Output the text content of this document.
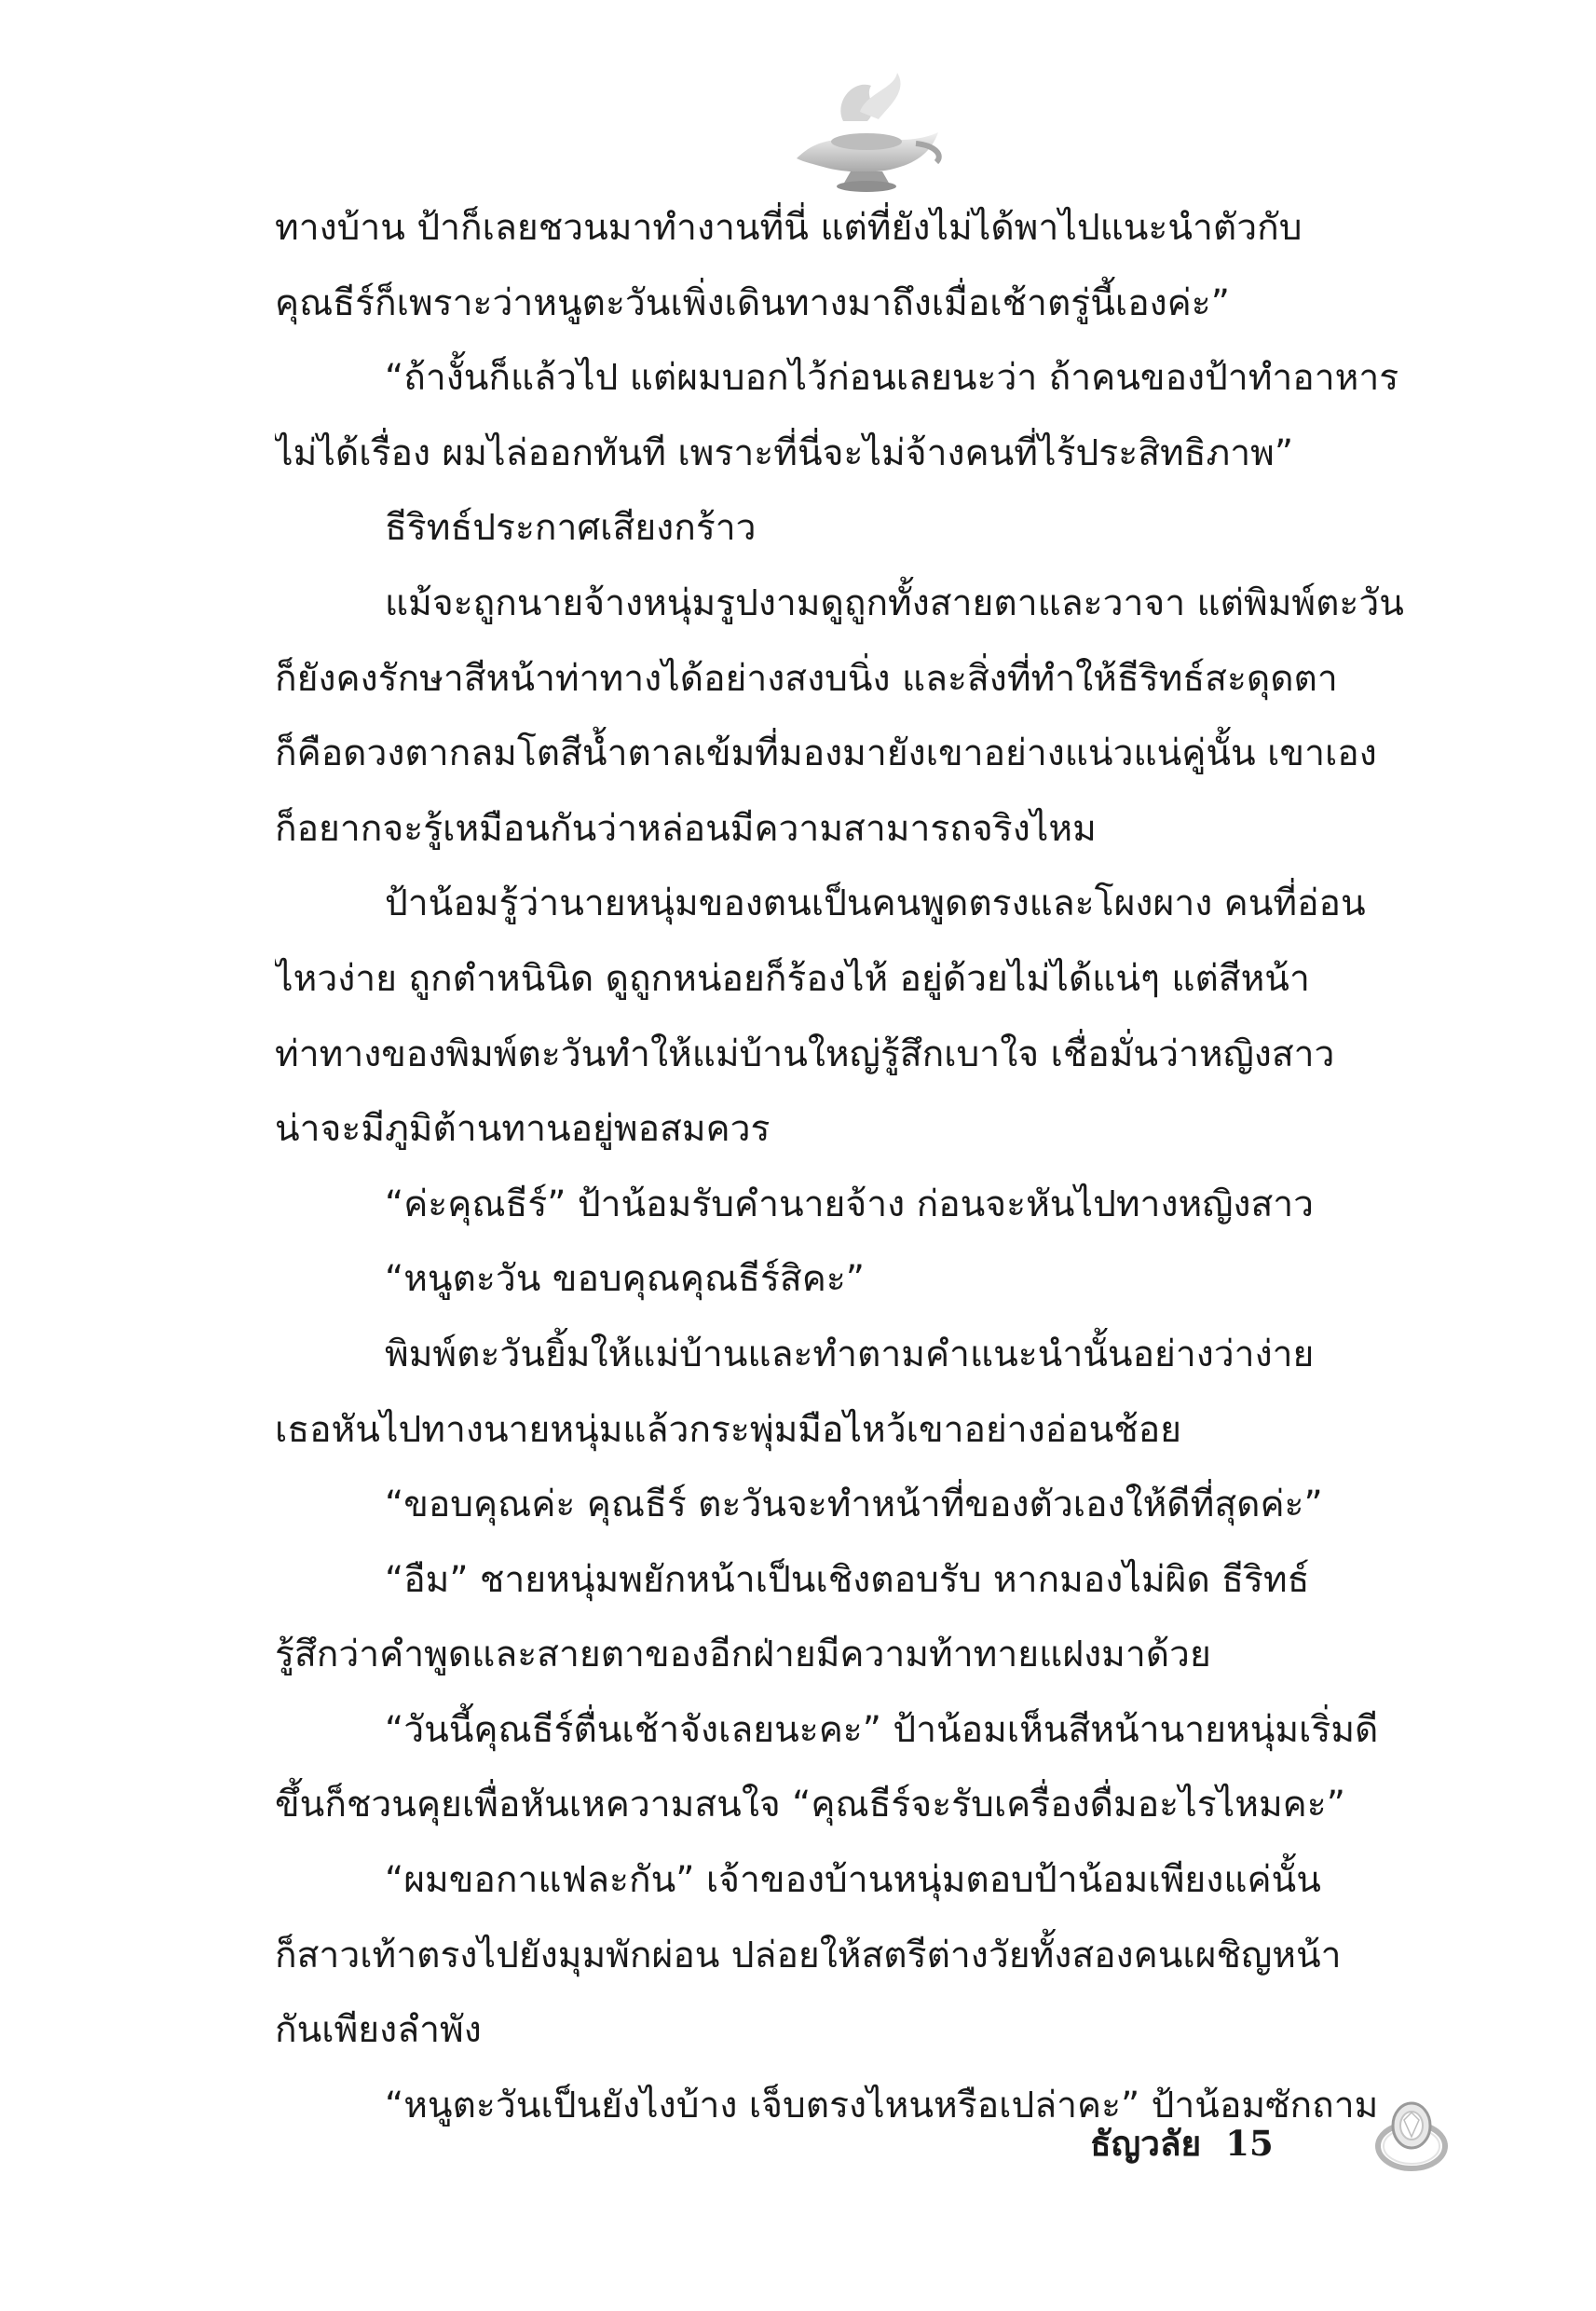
ทางบ้าน ป้าก็เลยชวนมาทำงานที่นี่ แต่ที่ยังไม่ได้พาไปแนะนำตัวกับ
คุณธีร์ก็เพราะว่าหนูตะวันเพิ่งเดินทางมาถึงเมื่อเช้าตรู่นี้เองค่ะ”
“ถ้างั้นก็แล้วไป แต่ผมบอกไว้ก่อนเลยนะว่า ถ้าคนของป้าทำอาหาร
ไม่ได้เรื่อง ผมไล่ออกทันที เพราะที่นี่จะไม่จ้างคนที่ไร้ประสิทธิภาพ”
ธีริทธ์ประกาศเสียงกร้าว
แม้จะถูกนายจ้างหนุ่มรูปงามดูถูกทั้งสายตาและวาจา แต่พิมพ์ตะวัน
ก็ยังคงรักษาสีหน้าท่าทางได้อย่างสงบนิ่ง และสิ่งที่ทำให้ธีริทธ์สะดุดตา
ก็คือดวงตากลมโตสีน้ำตาลเข้มที่มองมายังเขาอย่างแน่วแน่คู่นั้น เขาเอง
ก็อยากจะรู้เหมือนกันว่าหล่อนมีความสามารถจริงไหม
ป้าน้อมรู้ว่านายหนุ่มของตนเป็นคนพูดตรงและโผงผาง คนที่อ่อน
ไหวง่าย ถูกตำหนินิด ดูถูกหน่อยก็ร้องไห้ อยู่ด้วยไม่ได้แน่ๆ แต่สีหน้า
ท่าทางของพิมพ์ตะวันทำให้แม่บ้านใหญ่รู้สึกเบาใจ เชื่อมั่นว่าหญิงสาว
น่าจะมีภูมิต้านทานอยู่พอสมควร
“ค่ะคุณธีร์” ป้าน้อมรับคำนายจ้าง ก่อนจะหันไปทางหญิงสาว
“หนูตะวัน ขอบคุณคุณธีร์สิคะ”
พิมพ์ตะวันยิ้มให้แม่บ้านและทำตามคำแนะนำนั้นอย่างว่าง่าย
เธอหันไปทางนายหนุ่มแล้วกระพุ่มมือไหว้เขาอย่างอ่อนช้อย
“ขอบคุณค่ะ คุณธีร์ ตะวันจะทำหน้าที่ของตัวเองให้ดีที่สุดค่ะ”
“อืม” ชายหนุ่มพยักหน้าเป็นเชิงตอบรับ หากมองไม่ผิด ธีริทธ์
รู้สึกว่าคำพูดและสายตาของอีกฝ่ายมีความท้าทายแฝงมาด้วย
“วันนี้คุณธีร์ตื่นเช้าจังเลยนะคะ” ป้าน้อมเห็นสีหน้านายหนุ่มเริ่มดี
ขึ้นก็ชวนคุยเพื่อหันเหความสนใจ “คุณธีร์จะรับเครื่องดื่มอะไรไหมคะ”
“ผมขอกาแฟละกัน” เจ้าของบ้านหนุ่มตอบป้าน้อมเพียงแค่นั้น
ก็สาวเท้าตรงไปยังมุมพักผ่อน ปล่อยให้สตรีต่างวัยทั้งสองคนเผชิญหน้า
กันเพียงลำพัง
“หนูตะวันเป็นยังไงบ้าง เจ็บตรงไหนหรือเปล่าคะ” ป้าน้อมซักถาม
ธัญวลัย 15
